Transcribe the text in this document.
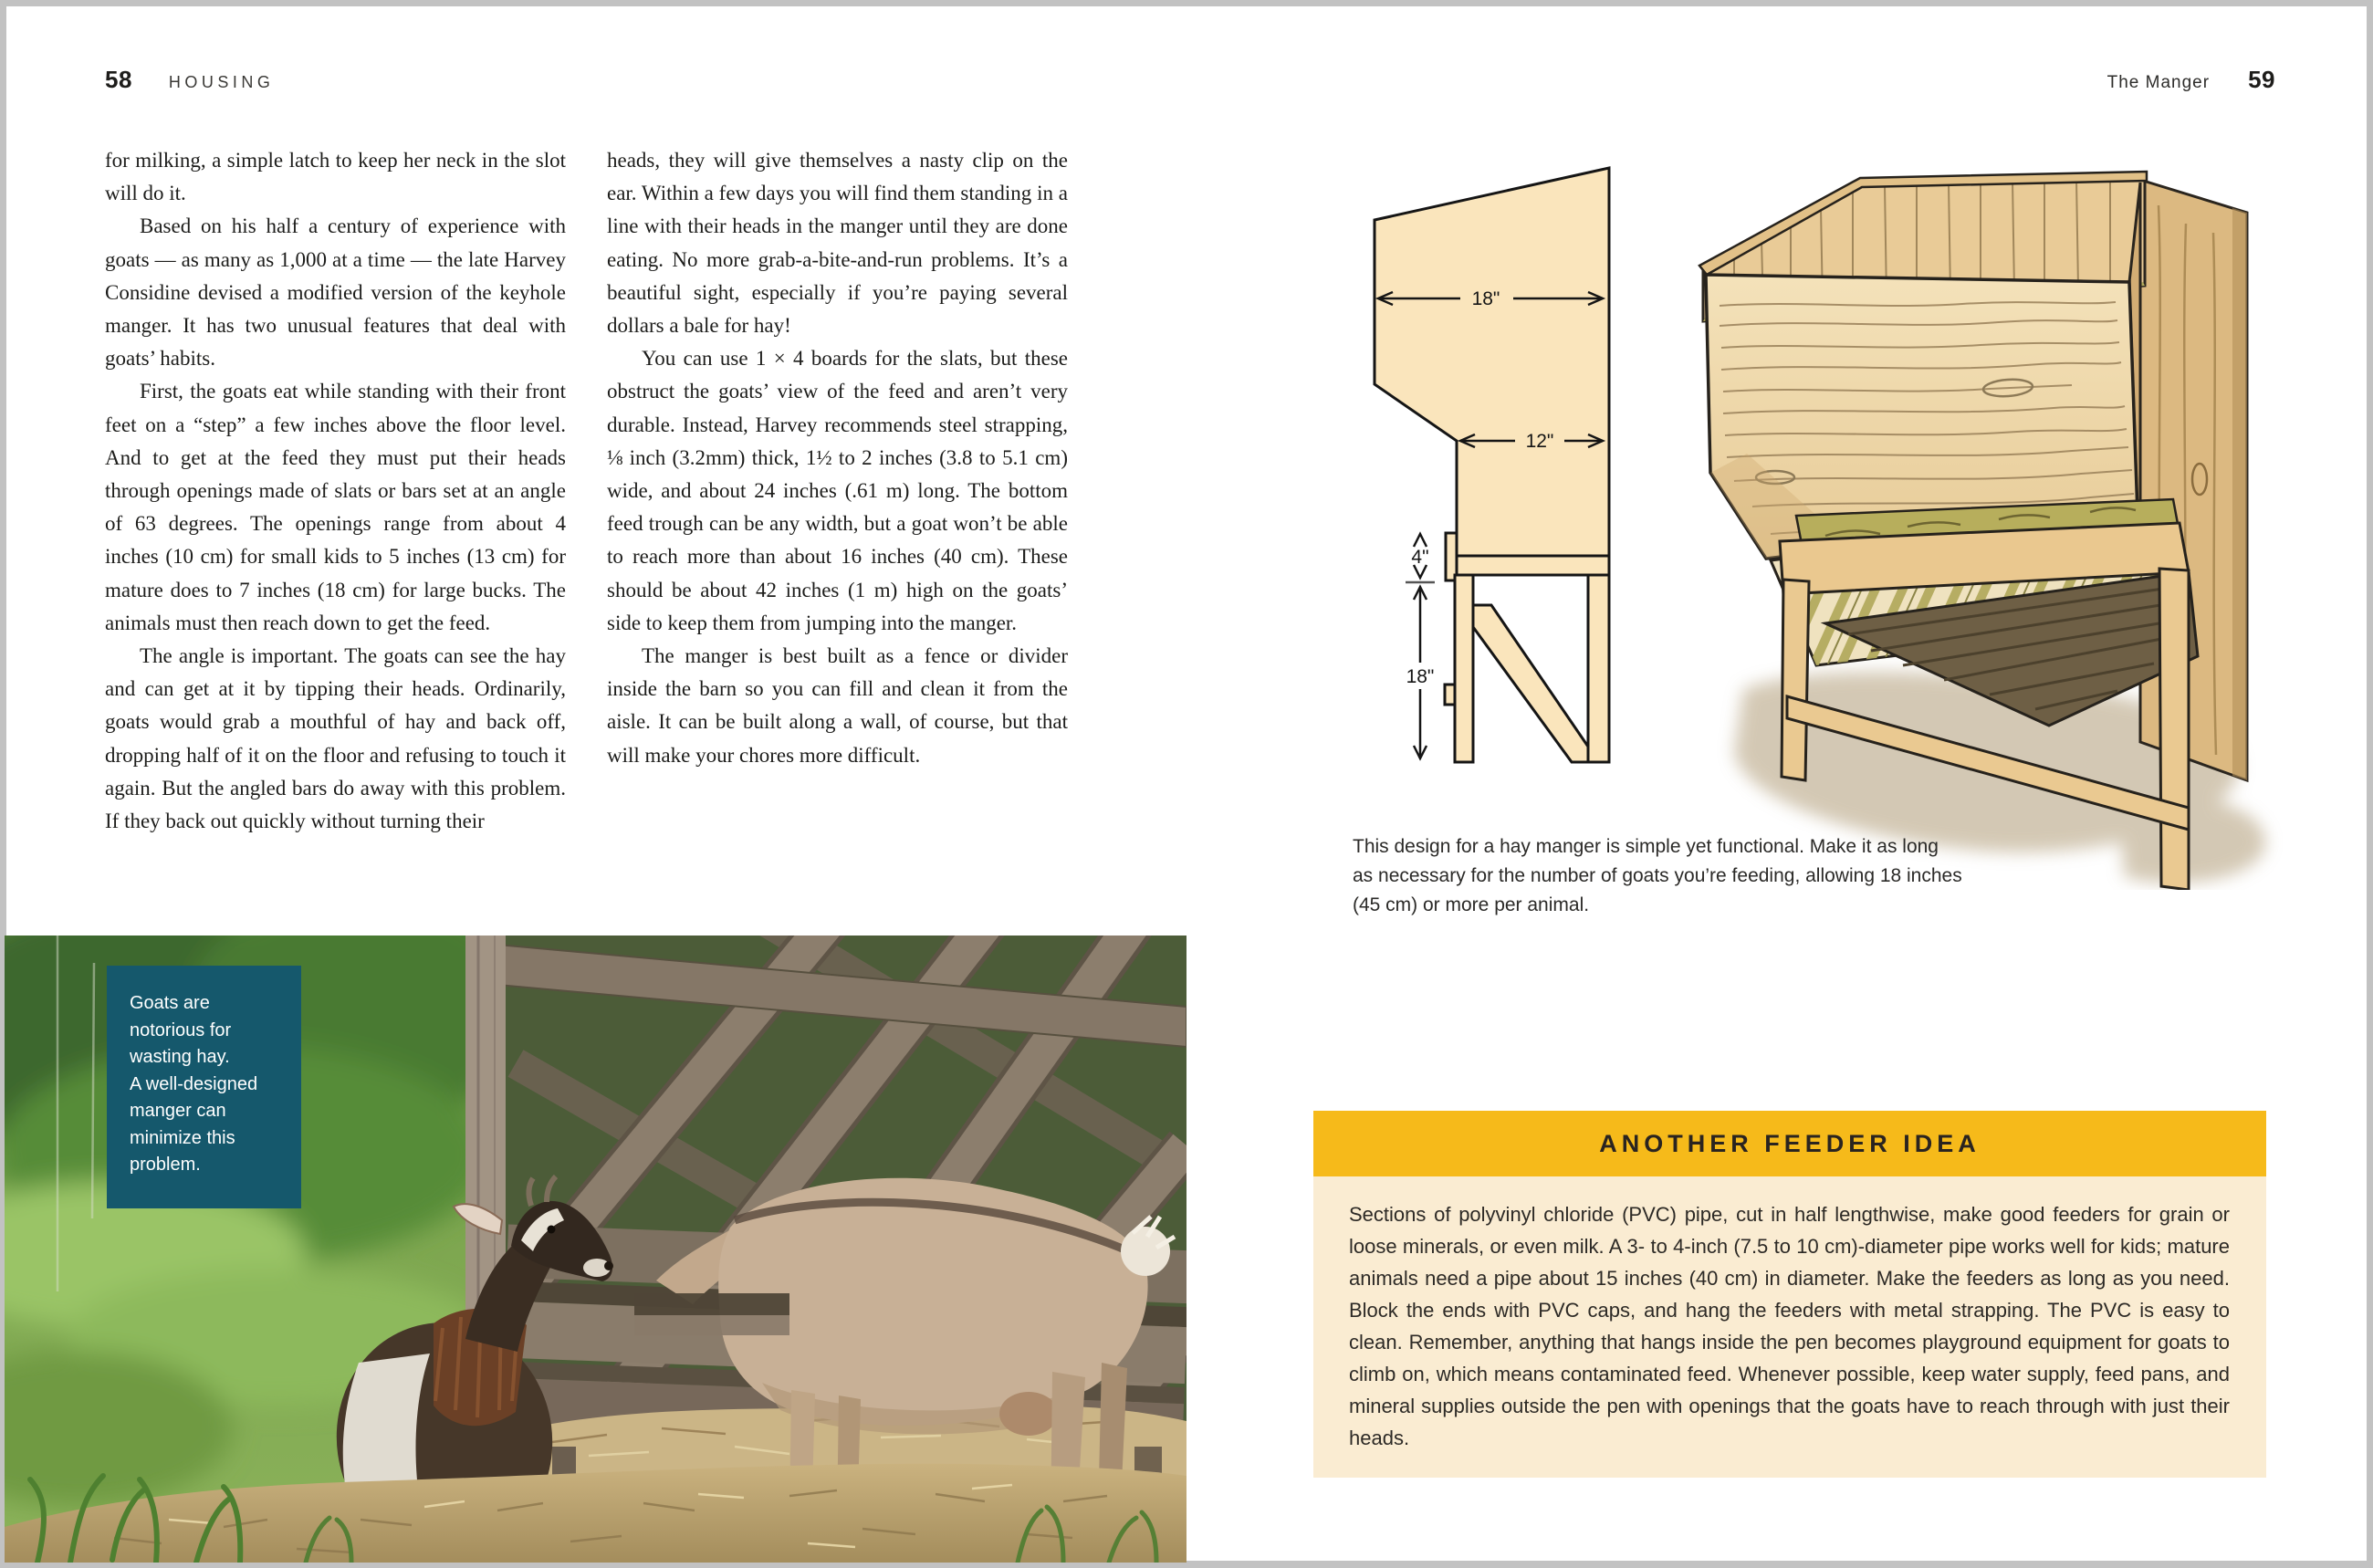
58 HOUSING	The Manger 59

for milking, a simple latch to keep her neck in the slot will do it.

Based on his half a century of experience with goats — as many as 1,000 at a time — the late Harvey Considine devised a modified version of the keyhole manger. It has two unusual features that deal with goats’ habits.

First, the goats eat while standing with their front feet on a “step” a few inches above the floor level. And to get at the feed they must put their heads through openings made of slats or bars set at an angle of 63 degrees. The openings range from about 4 inches (10 cm) for small kids to 5 inches (13 cm) for mature does to 7 inches (18 cm) for large bucks. The animals must then reach down to get the feed.

The angle is important. The goats can see the hay and can get at it by tipping their heads. Ordinarily, goats would grab a mouthful of hay and back off, dropping half of it on the floor and refusing to touch it again. But the angled bars do away with this problem. If they back out quickly without turning their

heads, they will give themselves a nasty clip on the ear. Within a few days you will find them standing in a line with their heads in the manger until they are done eating. No more grab-a-bite-and-run problems. It’s a beautiful sight, especially if you’re paying several dollars a bale for hay!

You can use 1 × 4 boards for the slats, but these obstruct the goats’ view of the feed and aren’t very durable. Instead, Harvey recommends steel strapping, ⅛ inch (3.2mm) thick, 1½ to 2 inches (3.8 to 5.1 cm) wide, and about 24 inches (.61 m) long. The bottom feed trough can be any width, but a goat won’t be able to reach more than about 16 inches (40 cm). These should be about 42 inches (1 m) high on the goats’ side to keep them from jumping into the manger.

The manger is best built as a fence or divider inside the barn so you can fill and clean it from the aisle. It can be built along a wall, of course, but that will make your chores more difficult.

Goats are
notorious for
wasting hay.
A well-designed
manger can
minimize this
problem.
18"
12"
4"
18"
This design for a hay manger is simple yet functional. Make it as long
as necessary for the number of goats you’re feeding, allowing 18 inches
(45 cm) or more per animal.
ANOTHER FEEDER IDEA

Sections of polyvinyl chloride (PVC) pipe, cut in half lengthwise, make good feeders for grain or loose minerals, or even milk. A 3- to 4-inch (7.5 to 10 cm)-diameter pipe works well for kids; mature animals need a pipe about 15 inches (40 cm) in diameter. Make the feeders as long as you need. Block the ends with PVC caps, and hang the feeders with metal strapping. The PVC is easy to clean. Remember, anything that hangs inside the pen becomes playground equipment for goats to climb on, which means contaminated feed. Whenever possible, keep water supply, feed pans, and mineral supplies outside the pen with openings that the goats have to reach through with just their heads.
